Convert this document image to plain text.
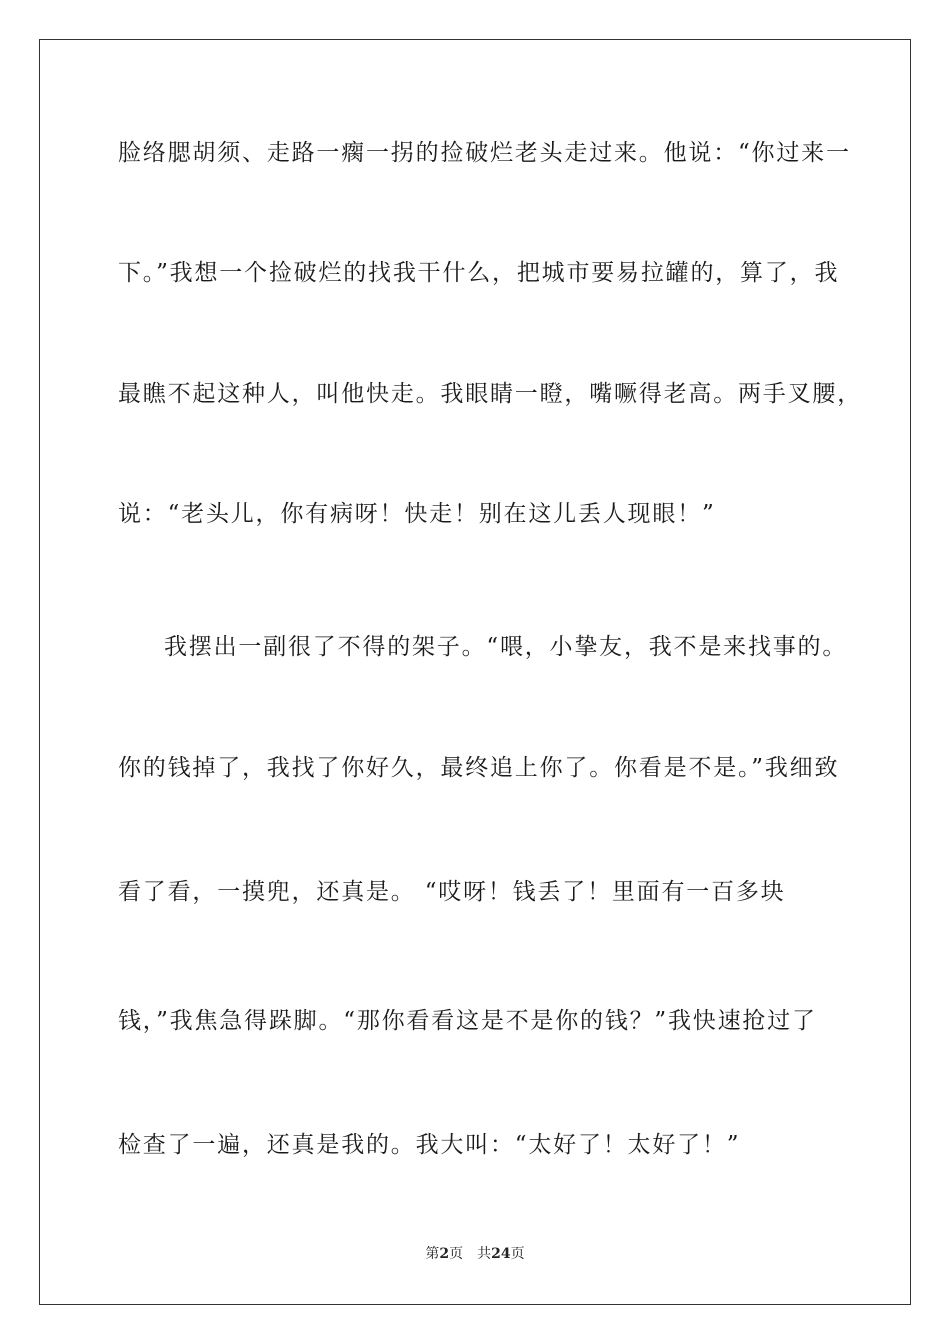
脸络腮胡须、走路一瘸一拐的捡破烂老头走过来。他说：“你过来一
下。”我想一个捡破烂的找我干什么，把城市要易拉罐的，算了，我
最瞧不起这种人，叫他快走。我眼睛一瞪，嘴噘得老高。两手叉腰，
说：“老头儿，你有病呀！快走！别在这儿丢人现眼！”
我摆出一副很了不得的架子。“喂，小挚友，我不是来找事的。
你的钱掉了，我找了你好久，最终追上你了。你看是不是。”我细致
看了看，一摸兜，还真是。 “哎呀！钱丢了！里面有一百多块
钱，”我焦急得跺脚。“那你看看这是不是你的钱？”我快速抢过了
检查了一遍，还真是我的。我大叫：“太好了！太好了！”
第2页 共24页
